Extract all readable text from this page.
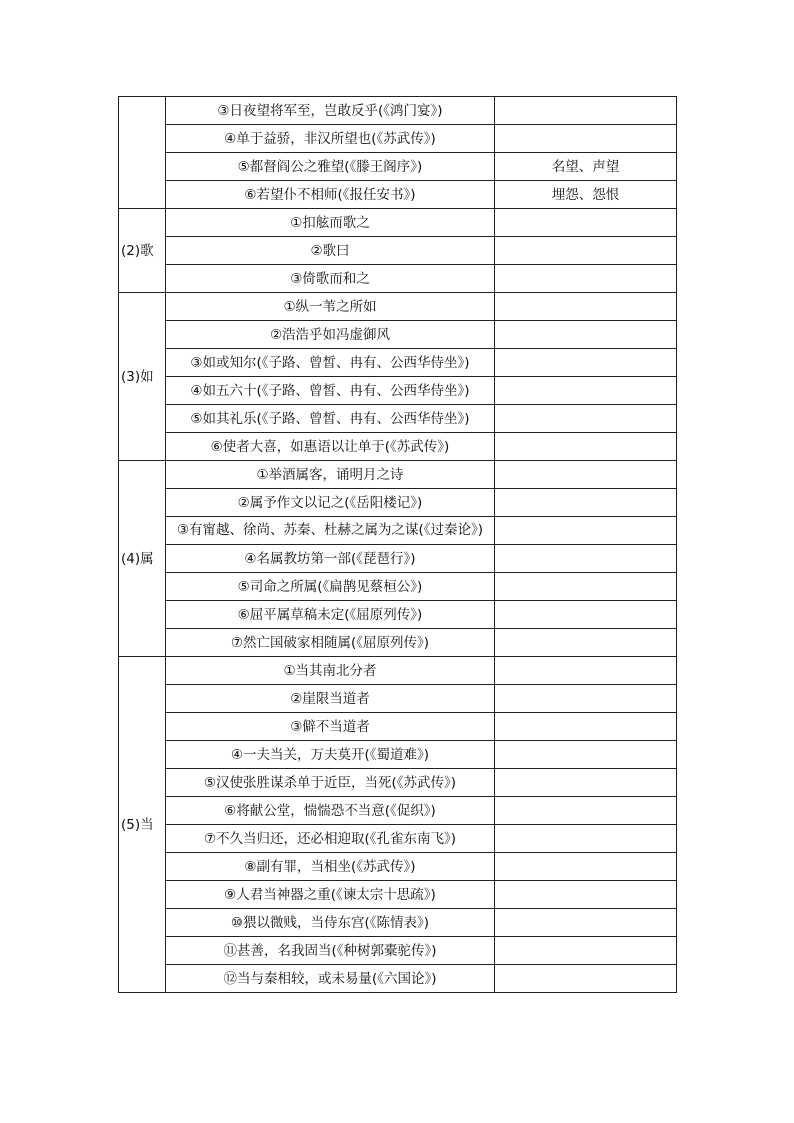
	③日夜望将军至，岂敢反乎(《鸿门宴》)	
	④单于益骄，非汉所望也(《苏武传》)	
	⑤都督阎公之雅望(《滕王阁序》)	名望、声望
	⑥若望仆不相师(《报任安书》)	埋怨、怨恨
(2)歌	①扣舷而歌之	
	②歌曰	
	③倚歌而和之	
(3)如	①纵一苇之所如	
	②浩浩乎如冯虚御风	
	③如或知尔(《子路、曾皙、冉有、公西华侍坐》)	
	④如五六十(《子路、曾皙、冉有、公西华侍坐》)	
	⑤如其礼乐(《子路、曾皙、冉有、公西华侍坐》)	
	⑥使者大喜，如惠语以让单于(《苏武传》)	
(4)属	①举酒属客，诵明月之诗	
	②属予作文以记之(《岳阳楼记》)	
	③有甯越、徐尚、苏秦、杜赫之属为之谋(《过秦论》)	
	④名属教坊第一部(《琵琶行》)	
	⑤司命之所属(《扁鹊见蔡桓公》)	
	⑥屈平属草稿未定(《屈原列传》)	
	⑦然亡国破家相随属(《屈原列传》)	
(5)当	①当其南北分者	
	②崖限当道者	
	③僻不当道者	
	④一夫当关，万夫莫开(《蜀道难》)	
	⑤汉使张胜谋杀单于近臣，当死(《苏武传》)	
	⑥将献公堂，惴惴恐不当意(《促织》)	
	⑦不久当归还，还必相迎取(《孔雀东南飞》)	
	⑧副有罪，当相坐(《苏武传》)	
	⑨人君当神器之重(《谏太宗十思疏》)	
	⑩猥以微贱，当侍东宫(《陈情表》)	
	⑪甚善，名我固当(《种树郭橐驼传》)	
	⑫当与秦相较，或未易量(《六国论》)	
